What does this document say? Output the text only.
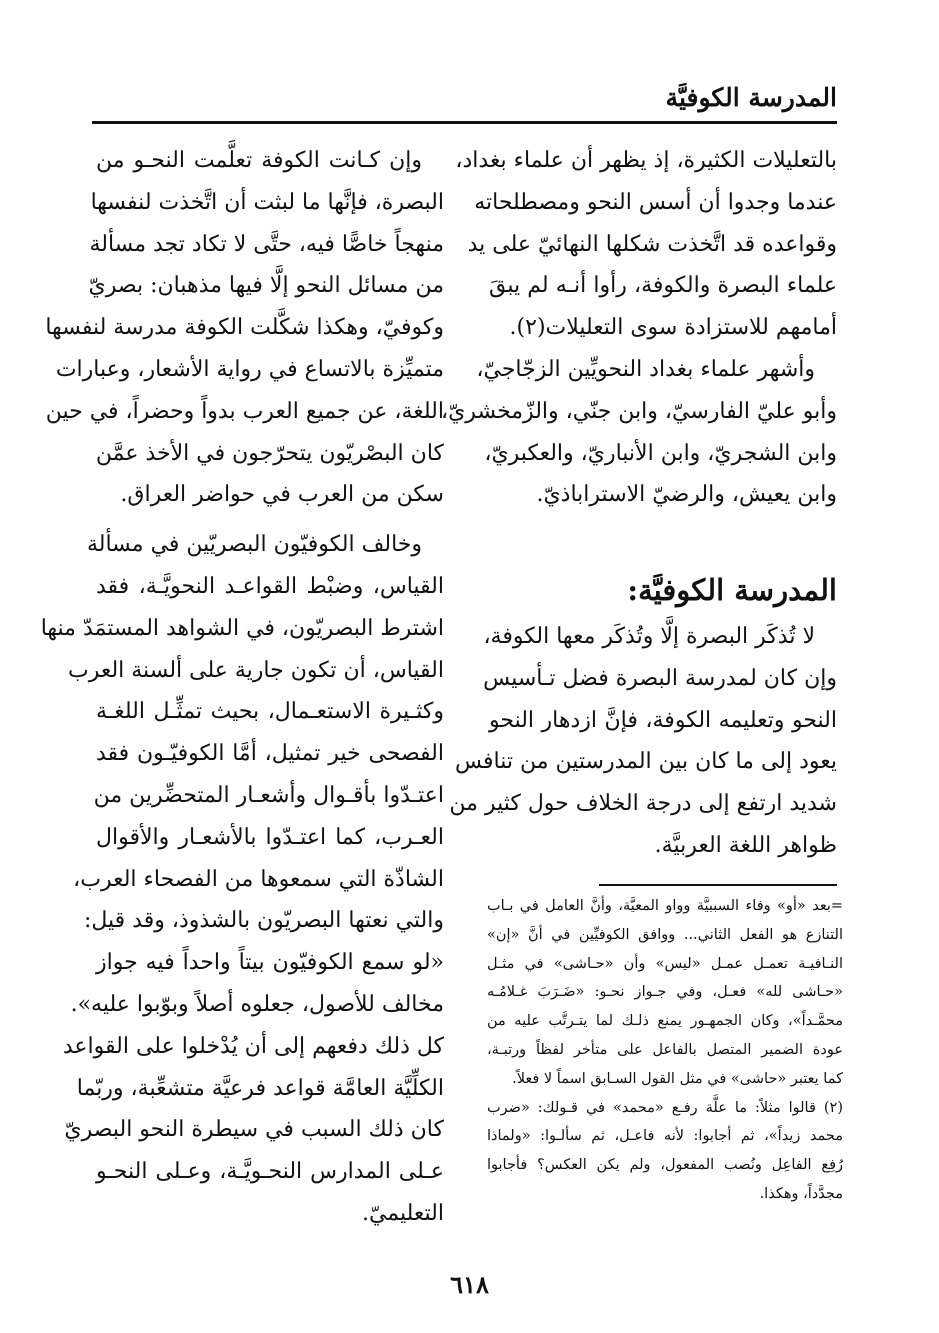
المدرسة الكوفيَّة
بالتعليلات الكثيرة، إذ يظهر أن علماء بغداد،
عندما وجدوا أن أسس النحو ومصطلحاته
وقواعده قد اتَّخذت شكلها النهائيّ على يد
علماء البصرة والكوفة، رأوا أنـه لم يبقَ
أمامهم للاستزادة سوى التعليلات(٢).
وأشهر علماء بغداد النحويِّين الزجّاجيّ،
وأبو عليّ الفارسيّ، وابن جنّي، والزّمخشريّ،
وابن الشجريّ، وابن الأنباريّ، والعكبريّ،
وابن يعيش، والرضيّ الاستراباذيّ.
المدرسة الكوفيَّة:
لا تُذكَر البصرة إلَّا وتُذكَر معها الكوفة،
وإن كان لمدرسة البصرة فضل تـأسيس
النحو وتعليمه الكوفة، فإنَّ ازدهار النحو
يعود إلى ما كان بين المدرستين من تنافس
شديد ارتفع إلى درجة الخلاف حول كثير من
ظواهر اللغة العربيَّة.
=بعد «أو» وفاء السببيَّة وواو المعيَّة، وأنَّ العامل في بـاب
التنازع هو الفعل الثاني... ووافق الكوفيِّين في أنَّ «إن»
النـافيـة تعمـل عمـل «ليس» وأن «حـاشى» في مثـل
«حـاشى لله» فعـل، وفي جـواز نحـو: «ضَـرَبَ غـلامُـه
محمَّـداً»، وكان الجمهـور يمنع ذلـك لما يتـرتَّب عليه من
عودة الضمير المتصل بالفاعل على متأخر لفظاً ورتبـة،
كما يعتبر «حاشى» في مثل القول السـابق اسماً لا فعلاً.
(٢) قالوا مثلاً: ما علَّة رفـع «محمد» في قـولك: «ضرب
محمد زيداً»، ثم أجابوا: لأنه فاعـل، ثم سألـوا: «ولماذا
رُفِع الفاعِل ونُصب المفعول، ولم يكن العكس؟ فأجابوا
مجدَّداً، وهكذا.
وإن كـانت الكوفة تعلَّمت النحـو من
البصرة، فإنَّها ما لبثت أن اتَّخذت لنفسها
منهجاً خاصًّا فيه، حتَّى لا تكاد تجد مسألة
من مسائل النحو إلَّا فيها مذهبان: بصريّ
وكوفيّ، وهكذا شكَّلت الكوفة مدرسة لنفسها
متميِّزة بالاتساع في رواية الأشعار، وعبارات
اللغة، عن جميع العرب بدواً وحضراً، في حين
كان البصْريّون يتحرّجون في الأخذ عمَّن
سكن من العرب في حواضر العراق.
وخالف الكوفيّون البصريّين في مسألة
القياس، وضبْط القواعـد النحويَّـة، فقد
اشترط البصريّون، في الشواهد المستمَدّ منها
القياس، أن تكون جارية على ألسنة العرب
وكثـيرة الاستعـمال، بحيث تمثِّـل اللغـة
الفصحى خير تمثيل، أمَّا الكوفيّـون فقد
اعتـدّوا بأقـوال وأشعـار المتحضِّرين من
العـرب، كما اعتـدّوا بالأشعـار والأقوال
الشاذّة التي سمعوها من الفصحاء العرب،
والتي نعتها البصريّون بالشذوذ، وقد قيل:
«لو سمع الكوفيّون بيتاً واحداً فيه جواز
مخالف للأصول، جعلوه أصلاً وبوّبوا عليه».
كل ذلك دفعهم إلى أن يُدْخلوا على القواعد
الكلِّيَّة العامَّة قواعد فرعيَّة متشعِّبة، وربّما
كان ذلك السبب في سيطرة النحو البصريّ
عـلى المدارس النحـويَّـة، وعـلى النحـو
التعليميّ.
٦١٨
